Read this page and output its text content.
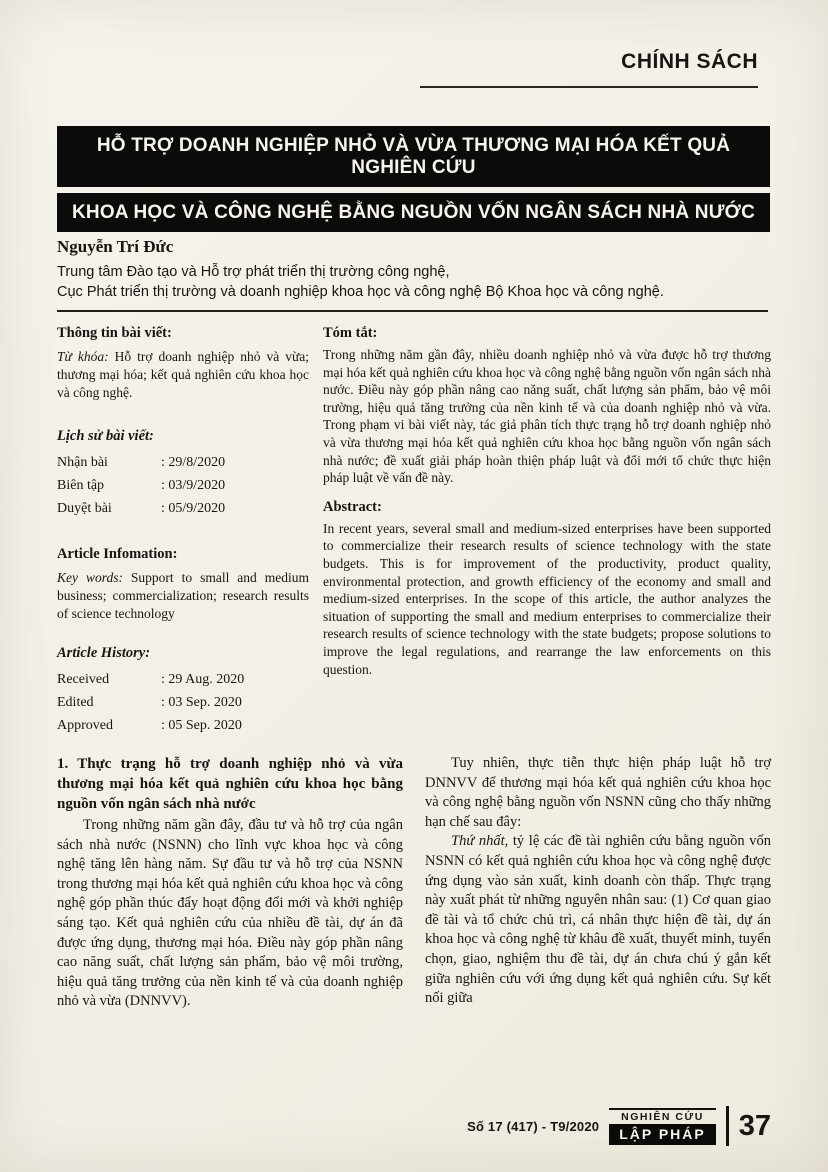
CHÍNH SÁCH
HỖ TRỢ DOANH NGHIỆP NHỎ VÀ VỪA THƯƠNG MẠI HÓA KẾT QUẢ NGHIÊN CỨU
KHOA HỌC VÀ CÔNG NGHỆ BẰNG NGUỒN VỐN NGÂN SÁCH NHÀ NƯỚC
Nguyễn Trí Đức
Trung tâm Đào tạo và Hỗ trợ phát triển thị trường công nghệ,
Cục Phát triển thị trường và doanh nghiệp khoa học và công nghệ Bộ Khoa học và công nghệ.

Thông tin bài viết:

Từ khóa: Hỗ trợ doanh nghiệp nhỏ và vừa; thương mại hóa; kết quả nghiên cứu khoa học và công nghệ.

Lịch sử bài viết:

Nhận bài	: 29/8/2020
Biên tập	: 03/9/2020
Duyệt bài	: 05/9/2020

Article Infomation:

Key words: Support to small and medium business; commercialization; research results of science technology

Article History:

Received	: 29 Aug. 2020
Edited	: 03 Sep. 2020
Approved	: 05 Sep. 2020

Tóm tắt:

Trong những năm gần đây, nhiều doanh nghiệp nhỏ và vừa được hỗ trợ thương mại hóa kết quả nghiên cứu khoa học và công nghệ bằng nguồn vốn ngân sách nhà nước. Điều này góp phần nâng cao năng suất, chất lượng sản phẩm, bảo vệ môi trường, hiệu quả tăng trưởng của nền kinh tế và của doanh nghiệp nhỏ và vừa. Trong phạm vi bài viết này, tác giả phân tích thực trạng hỗ trợ doanh nghiệp nhỏ và vừa thương mại hóa kết quả nghiên cứu khoa học bằng nguồn vốn ngân sách nhà nước; đề xuất giải pháp hoàn thiện pháp luật và đổi mới tổ chức thực hiện pháp luật về vấn đề này.

Abstract:

In recent years, several small and medium-sized enterprises have been supported to commercialize their research results of science technology with the state budgets. This is for improvement of the productivity, product quality, environmental protection, and growth efficiency of the economy and small and medium-sized enterprises. In the scope of this article, the author analyzes the situation of supporting the small and medium enterprises to commercialize their research results of science technology with the state budgets; propose solutions to improve the legal regulations, and rearrange the law enforcements on this question.

1. Thực trạng hỗ trợ doanh nghiệp nhỏ và vừa thương mại hóa kết quả nghiên cứu khoa học bằng nguồn vốn ngân sách nhà nước

Trong những năm gần đây, đầu tư và hỗ trợ của ngân sách nhà nước (NSNN) cho lĩnh vực khoa học và công nghệ tăng lên hàng năm. Sự đầu tư và hỗ trợ của NSNN trong thương mại hóa kết quả nghiên cứu khoa học và công nghệ góp phần thúc đẩy hoạt động đổi mới và khởi nghiệp sáng tạo. Kết quả nghiên cứu của nhiều đề tài, dự án đã được ứng dụng, thương mại hóa. Điều này góp phần nâng cao năng suất, chất lượng sản phẩm, bảo vệ môi trường, hiệu quả tăng trưởng của nền kinh tế và của doanh nghiệp nhỏ và vừa (DNNVV).

Tuy nhiên, thực tiễn thực hiện pháp luật hỗ trợ DNNVV để thương mại hóa kết quả nghiên cứu khoa học và công nghệ bằng nguồn vốn NSNN cũng cho thấy những hạn chế sau đây:

Thứ nhất, tỷ lệ các đề tài nghiên cứu bằng nguồn vốn NSNN có kết quả nghiên cứu khoa học và công nghệ được ứng dụng vào sản xuất, kinh doanh còn thấp. Thực trạng này xuất phát từ những nguyên nhân sau: (1) Cơ quan giao đề tài và tổ chức chủ trì, cá nhân thực hiện đề tài, dự án khoa học và công nghệ từ khâu đề xuất, thuyết minh, tuyển chọn, giao, nghiệm thu đề tài, dự án chưa chú ý gắn kết giữa nghiên cứu với ứng dụng kết quả nghiên cứu. Sự kết nối giữa

Số 17 (417) - T9/2020
NGHIÊN CỨU
LẬP PHÁP	37
